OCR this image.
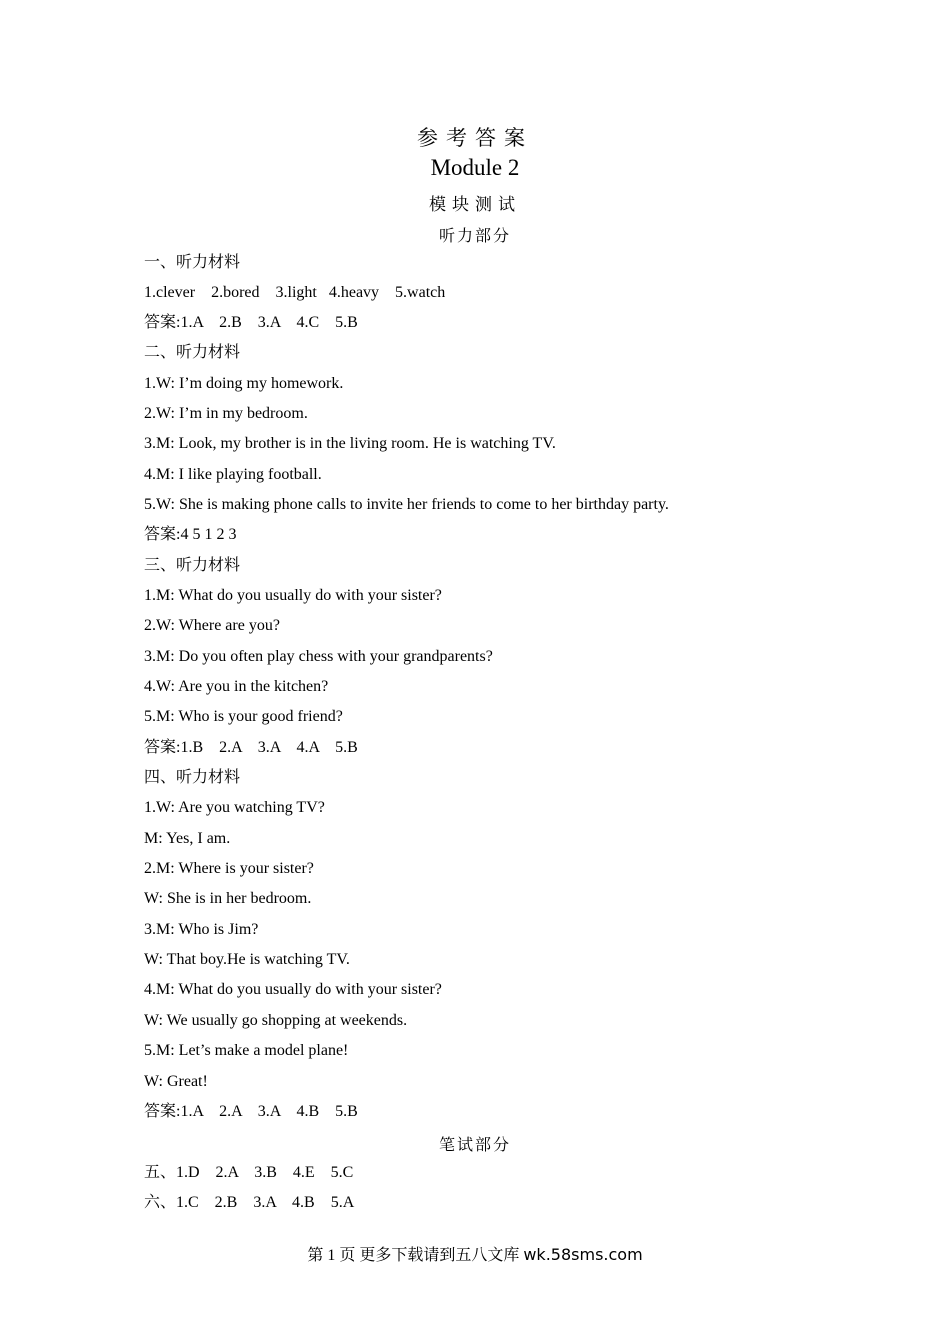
参考答案
Module 2
模块测试
听力部分
一、听力材料
1.clever    2.bored    3.light   4.heavy    5.watch
答案:1.A    2.B    3.A    4.C    5.B
二、听力材料
1.W: I’m doing my homework.
2.W: I’m in my bedroom.
3.M: Look, my brother is in the living room. He is watching TV.
4.M: I like playing football.
5.W: She is making phone calls to invite her friends to come to her birthday party.
答案:4 5 1 2 3
三、听力材料
1.M: What do you usually do with your sister?
2.W: Where are you?
3.M: Do you often play chess with your grandparents?
4.W: Are you in the kitchen?
5.M: Who is your good friend?
答案:1.B    2.A    3.A    4.A    5.B
四、听力材料
1.W: Are you watching TV?
M: Yes, I am.
2.M: Where is your sister?
W: She is in her bedroom.
3.M: Who is Jim?
W: That boy.He is watching TV.
4.M: What do you usually do with your sister?
W: We usually go shopping at weekends.
5.M: Let’s make a model plane!
W: Great!
答案:1.A    2.A    3.A    4.B    5.B
笔试部分
五、1.D    2.A    3.B    4.E    5.C
六、1.C    2.B    3.A    4.B    5.A
第 1 页 更多下载请到五八文库 wk.58sms.com
